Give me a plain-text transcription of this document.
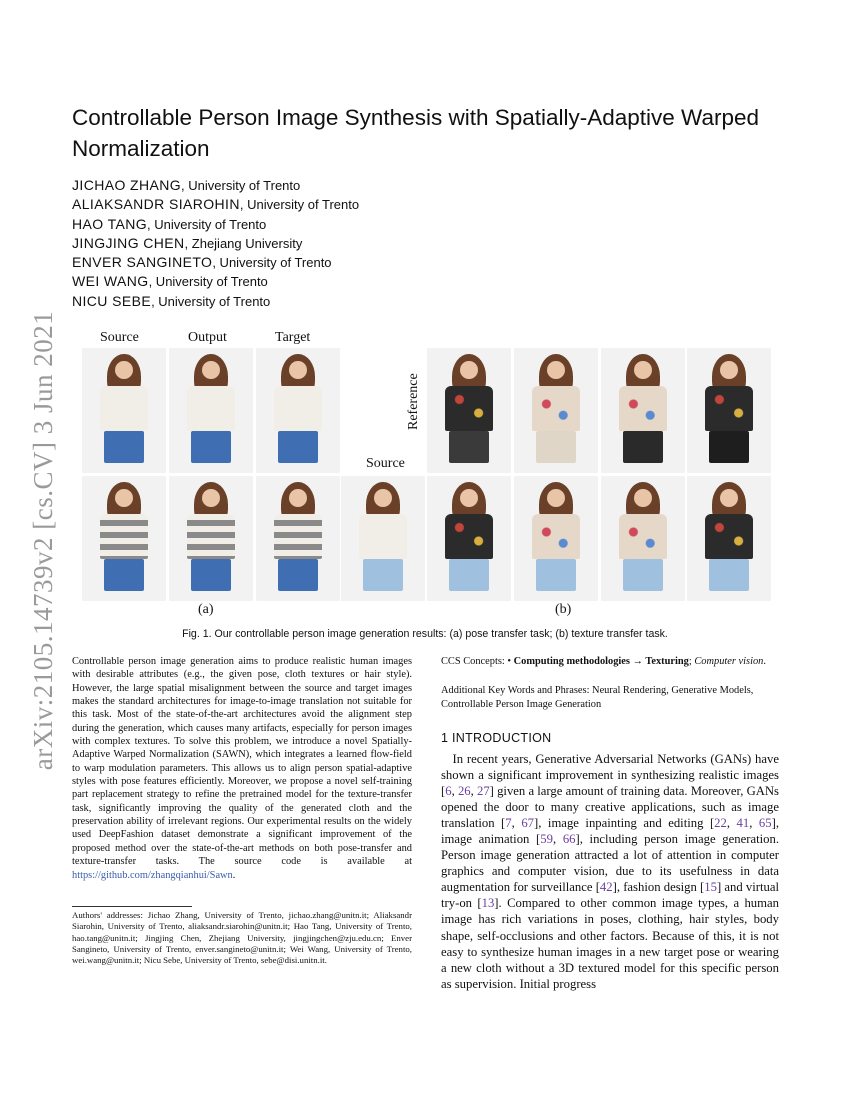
arXiv:2105.14739v2 [cs.CV] 3 Jun 2021
Controllable Person Image Synthesis with Spatially-Adaptive Warped Normalization
JICHAO ZHANG, University of Trento
ALIAKSANDR SIAROHIN, University of Trento
HAO TANG, University of Trento
JINGJING CHEN, Zhejiang University
ENVER SANGINETO, University of Trento
WEI WANG, University of Trento
NICU SEBE, University of Trento
Source	Output	Target
Source
Reference
(a)	(b)
Fig. 1. Our controllable person image generation results: (a) pose transfer task; (b) texture transfer task.
Controllable person image generation aims to produce realistic human images with desirable attributes (e.g., the given pose, cloth textures or hair style). However, the large spatial misalignment between the source and target images makes the standard architectures for image-to-image translation not suitable for this task. Most of the state-of-the-art architectures avoid the alignment step during the generation, which causes many artifacts, especially for person images with complex textures. To solve this problem, we introduce a novel Spatially-Adaptive Warped Normalization (SAWN), which integrates a learned flow-field to warp modulation parameters. This allows us to align person spatial-adaptive styles with pose features efficiently. Moreover, we propose a novel self-training part replacement strategy to refine the pretrained model for the texture-transfer task, significantly improving the quality of the generated cloth and the preservation ability of irrelevant regions. Our experimental results on the widely used DeepFashion dataset demonstrate a significant improvement of the proposed method over the state-of-the-art methods on both pose-transfer and texture-transfer tasks. The source code is available at https://github.com/zhangqianhui/Sawn.
Authors' addresses: Jichao Zhang, University of Trento, jichao.zhang@unitn.it; Aliaksandr Siarohin, University of Trento, aliaksandr.siarohin@unitn.it; Hao Tang, University of Trento, hao.tang@unitn.it; Jingjing Chen, Zhejiang University, jingjingchen@zju.edu.cn; Enver Sangineto, University of Trento, enver.sangineto@unitn.it; Wei Wang, University of Trento, wei.wang@unitn.it; Nicu Sebe, University of Trento, sebe@disi.unitn.it.
CCS Concepts: • Computing methodologies → Texturing; Computer vision.
Additional Key Words and Phrases: Neural Rendering, Generative Models, Controllable Person Image Generation
1 INTRODUCTION
In recent years, Generative Adversarial Networks (GANs) have shown a significant improvement in synthesizing realistic images [6, 26, 27] given a large amount of training data. Moreover, GANs opened the door to many creative applications, such as image translation [7, 67], image inpainting and editing [22, 41, 65], image animation [59, 66], including person image generation. Person image generation attracted a lot of attention in computer graphics and computer vision, due to its usefulness in data augmentation for surveillance [42], fashion design [15] and virtual try-on [13]. Compared to other common image types, a human image has rich variations in poses, clothing, hair styles, body shape, self-occlusions and other factors. Because of this, it is not easy to synthesize human images in a new target pose or wearing a new cloth without a 3D textured model for this specific person as supervision. Initial progress
